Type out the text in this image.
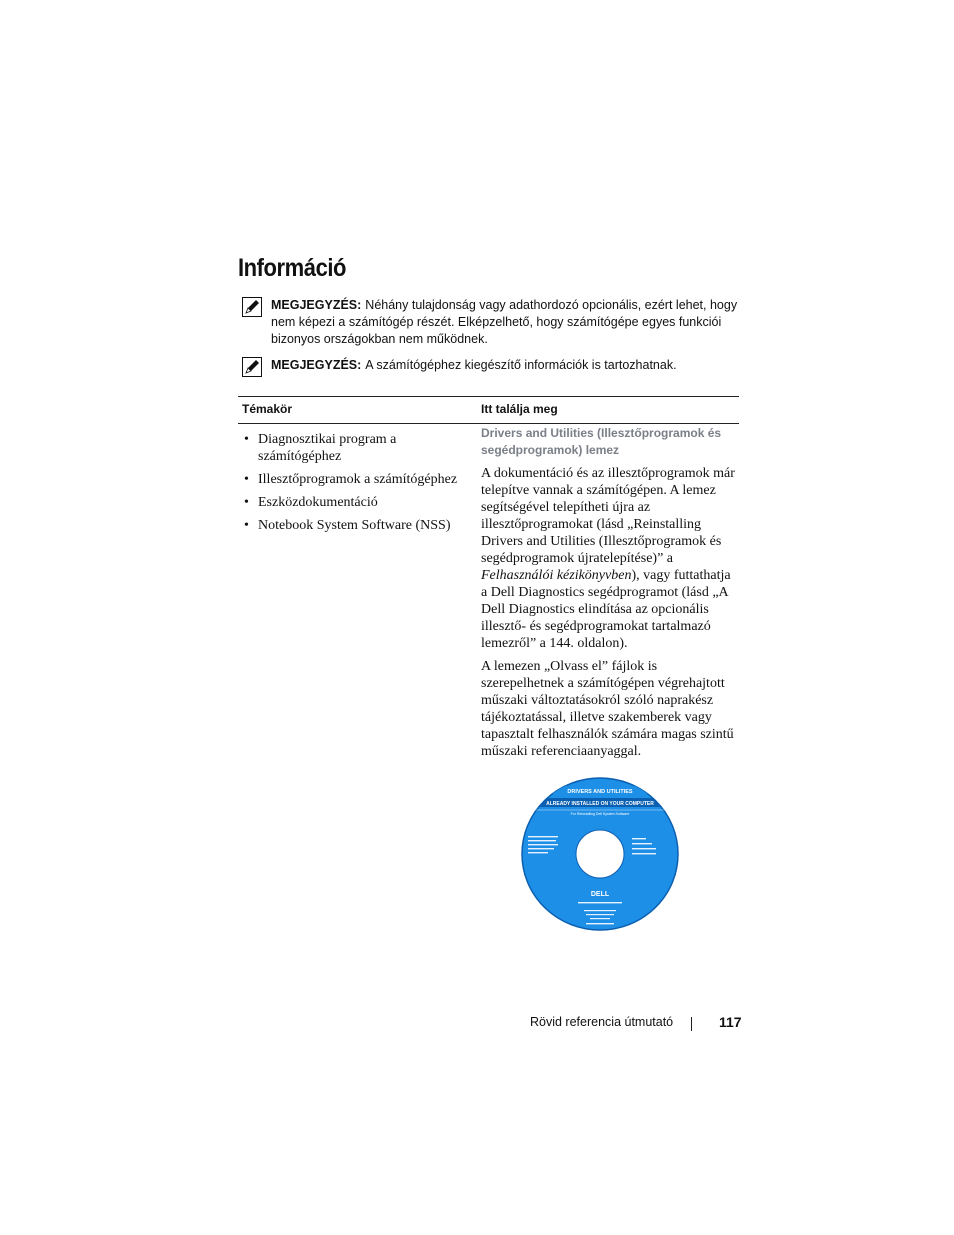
Információ
MEGJEGYZÉS: Néhány tulajdonság vagy adathordozó opcionális, ezért lehet, hogy nem képezi a számítógép részét. Elképzelhető, hogy számítógépe egyes funkciói bizonyos országokban nem működnek.
MEGJEGYZÉS: A számítógéphez kiegészítő információk is tartozhatnak.
Témakör	Itt találja meg
• Diagnosztikai program a számítógéphez
• Illesztőprogramok a számítógéphez
• Eszközdokumentáció
• Notebook System Software (NSS)
Drivers and Utilities (Illesztőprogramok és segédprogramok) lemez

A dokumentáció és az illesztőprogramok már telepítve vannak a számítógépen. A lemez segítségével telepítheti újra az illesztőprogramokat (lásd „Reinstalling Drivers and Utilities (Illesztőprogramok és segédprogramok újratelepítése)” a Felhasználói kézikönyvben), vagy futtathatja a Dell Diagnostics segédprogramot (lásd „A Dell Diagnostics elindítása az opcionális illesztő- és segédprogramokat tartalmazó lemezről” a 144. oldalon).

A lemezen „Olvass el” fájlok is szerepelhetnek a számítógépen végrehajtott műszaki változtatásokról szóló naprakész tájékoztatással, illetve szakemberek vagy tapasztalt felhasználók számára magas szintű műszaki referenciaanyaggal.

DRIVERS AND UTILITIES
ALREADY INSTALLED ON YOUR COMPUTER
For Reinstalling Dell System Software
DELL
Rövid referencia útmutató	117
